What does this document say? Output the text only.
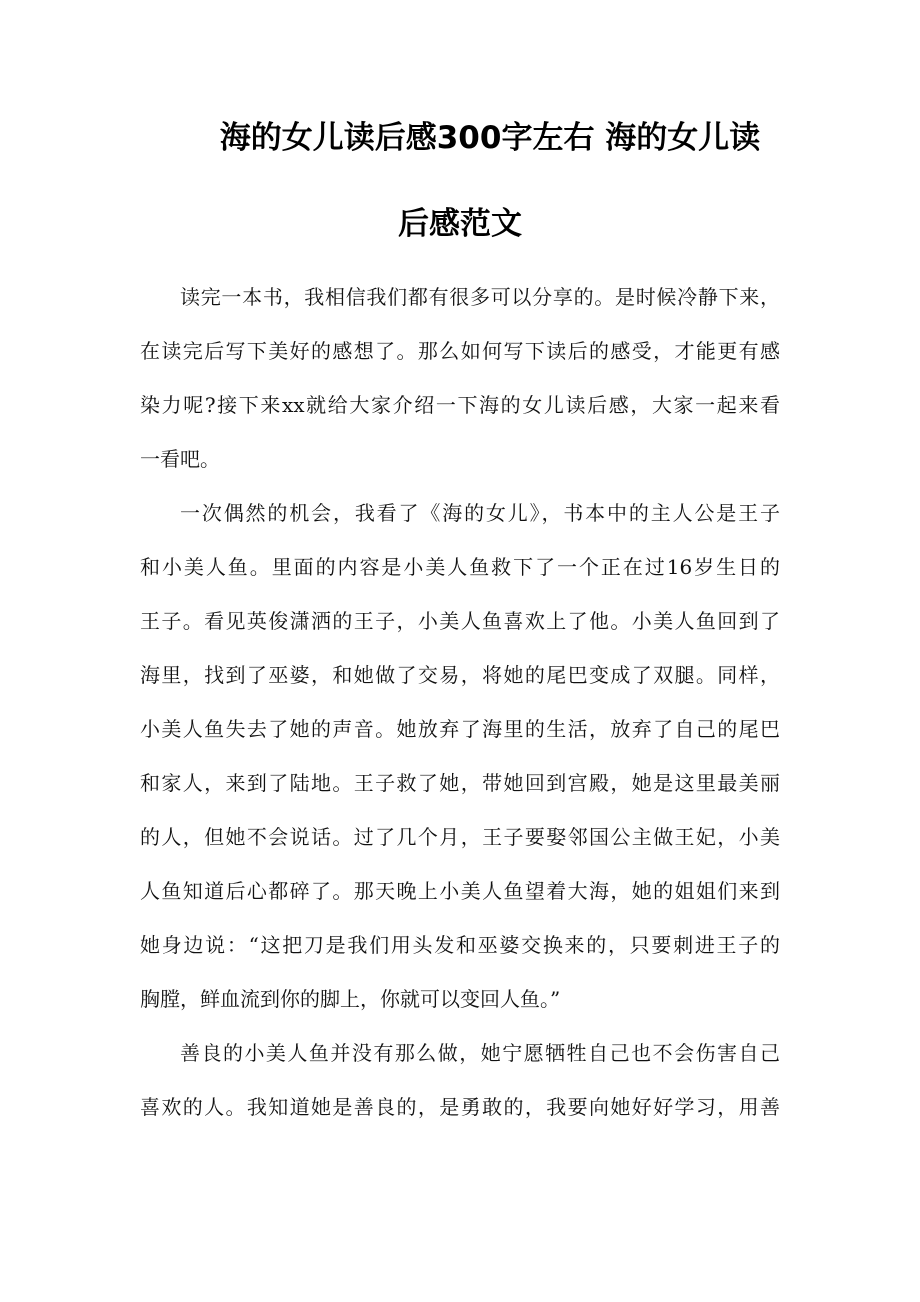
海的女儿读后感300字左右 海的女儿读
后感范文
读完一本书，我相信我们都有很多可以分享的。是时候冷静下来，
在读完后写下美好的感想了。那么如何写下读后的感受，才能更有感
染力呢?接下来xx就给大家介绍一下海的女儿读后感，大家一起来看
一看吧。
一次偶然的机会，我看了《海的女儿》，书本中的主人公是王子
和小美人鱼。里面的内容是小美人鱼救下了一个正在过16岁生日的
王子。看见英俊潇洒的王子，小美人鱼喜欢上了他。小美人鱼回到了
海里，找到了巫婆，和她做了交易，将她的尾巴变成了双腿。同样，
小美人鱼失去了她的声音。她放弃了海里的生活，放弃了自己的尾巴
和家人，来到了陆地。王子救了她，带她回到宫殿，她是这里最美丽
的人，但她不会说话。过了几个月，王子要娶邻国公主做王妃，小美
人鱼知道后心都碎了。那天晚上小美人鱼望着大海，她的姐姐们来到
她身边说：“这把刀是我们用头发和巫婆交换来的，只要刺进王子的
胸膛，鲜血流到你的脚上，你就可以变回人鱼。”
善良的小美人鱼并没有那么做，她宁愿牺牲自己也不会伤害自己
喜欢的人。我知道她是善良的，是勇敢的，我要向她好好学习，用善
